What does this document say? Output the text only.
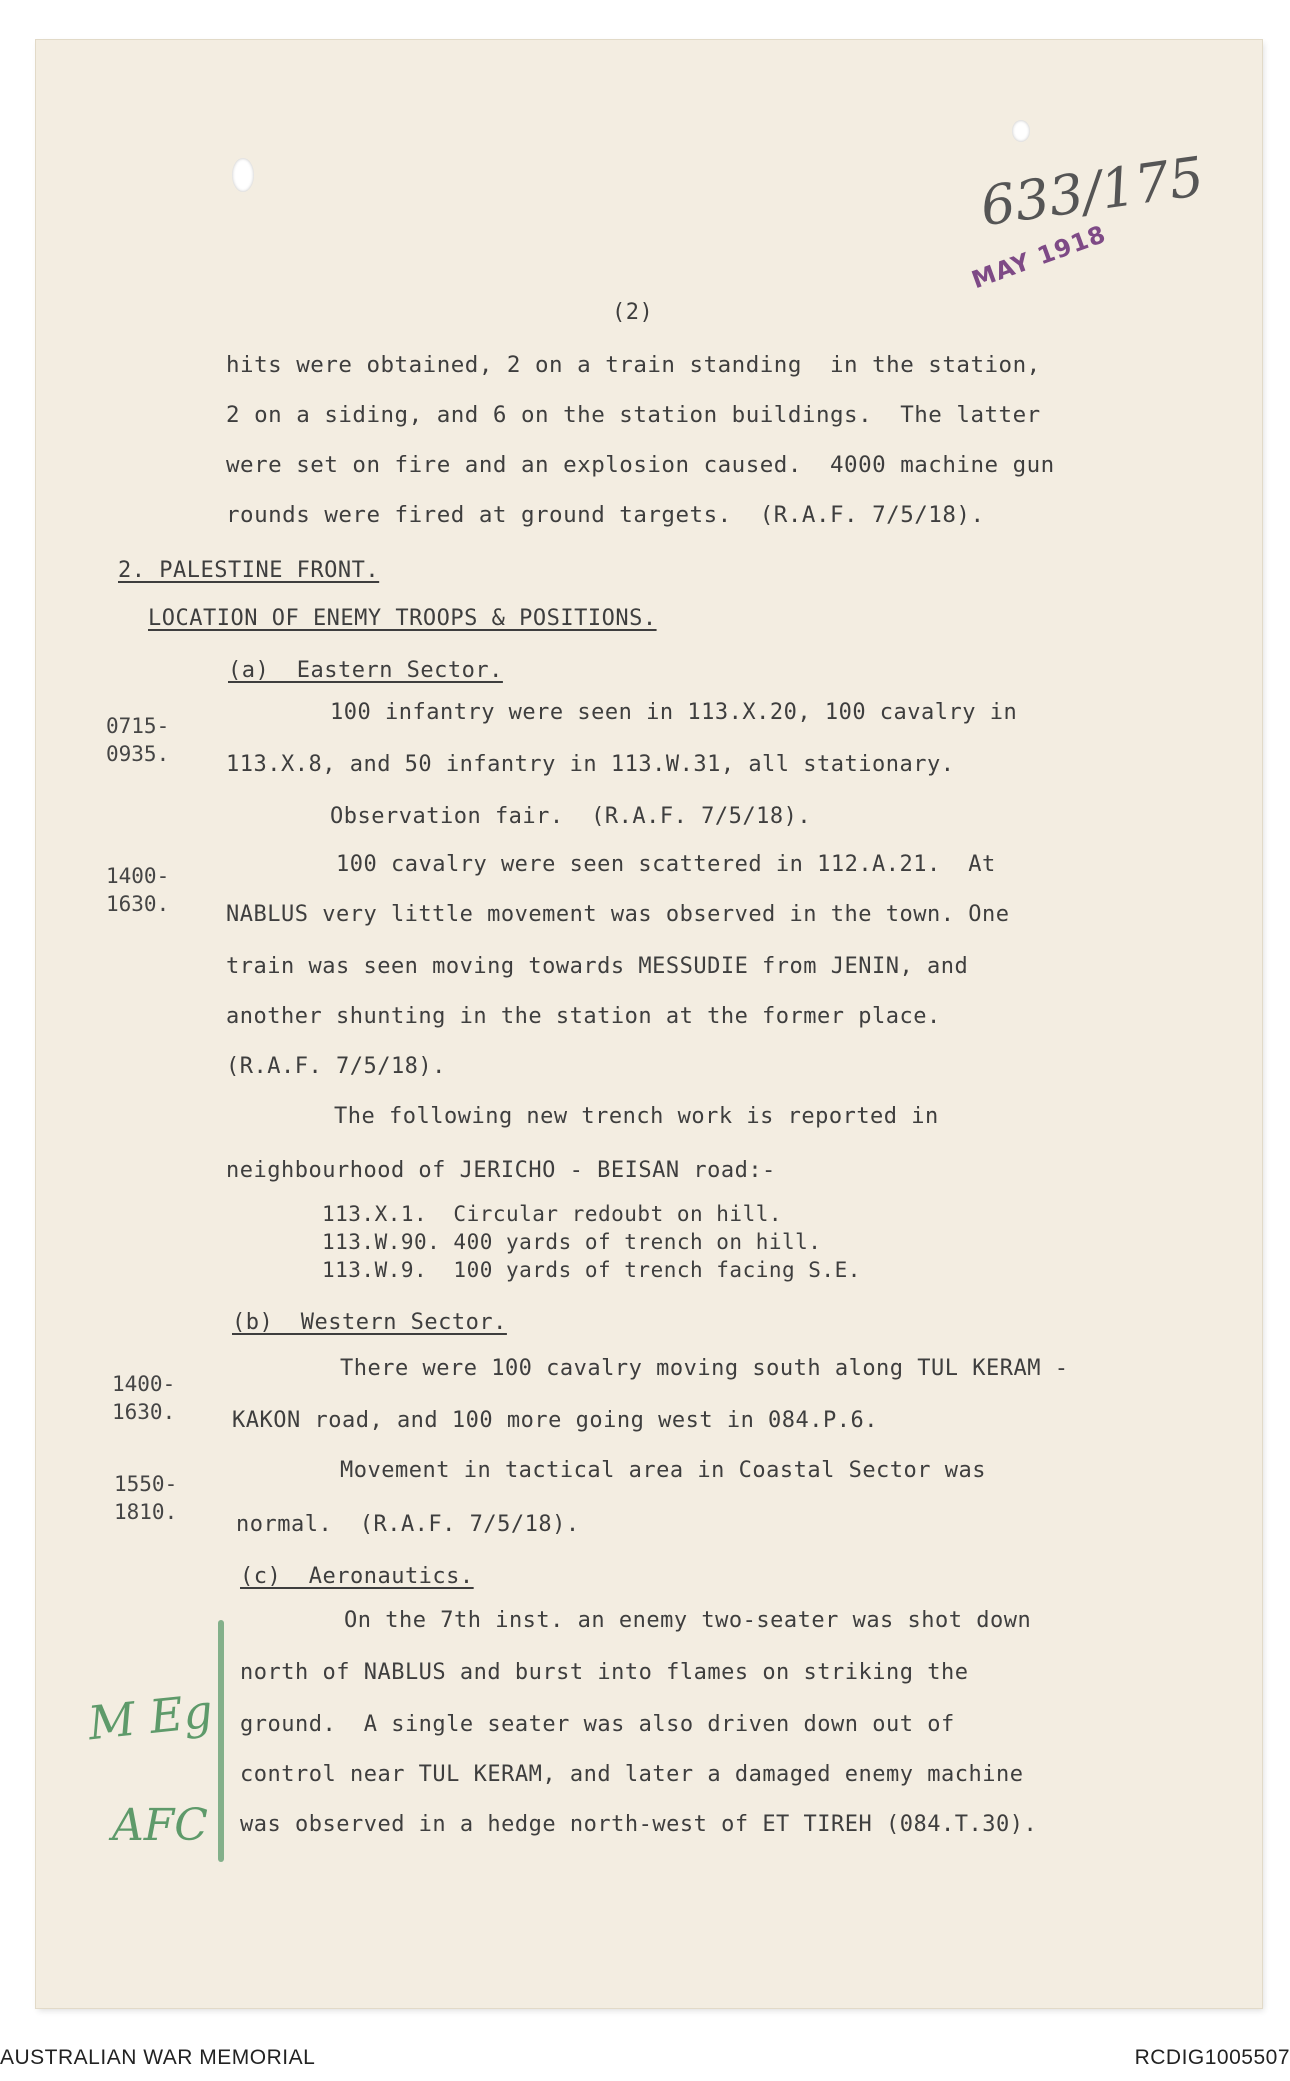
633/175
MAY 1918
(2)
hits were obtained, 2 on a train standing  in the station,
2 on a siding, and 6 on the station buildings.  The latter
were set on fire and an explosion caused.  4000 machine gun
rounds were fired at ground targets.  (R.A.F. 7/5/18).
2. PALESTINE FRONT.
LOCATION OF ENEMY TROOPS & POSITIONS.
(a)  Eastern Sector.
0715-
0935.
100 infantry were seen in 113.X.20, 100 cavalry in
113.X.8, and 50 infantry in 113.W.31, all stationary.
Observation fair.  (R.A.F. 7/5/18).
1400-
1630.
100 cavalry were seen scattered in 112.A.21.  At
NABLUS very little movement was observed in the town. One
train was seen moving towards MESSUDIE from JENIN, and
another shunting in the station at the former place.
(R.A.F. 7/5/18).
The following new trench work is reported in
neighbourhood of JERICHO - BEISAN road:-
113.X.1.  Circular redoubt on hill.
113.W.90. 400 yards of trench on hill.
113.W.9.  100 yards of trench facing S.E.
(b)  Western Sector.
1400-
1630.
There were 100 cavalry moving south along TUL KERAM -
KAKON road, and 100 more going west in 084.P.6.
1550-
1810.
Movement in tactical area in Coastal Sector was
normal.  (R.A.F. 7/5/18).
(c)  Aeronautics.
On the 7th inst. an enemy two-seater was shot down
north of NABLUS and burst into flames on striking the
ground.  A single seater was also driven down out of
control near TUL KERAM, and later a damaged enemy machine
was observed in a hedge north-west of ET TIREH (084.T.30).
M Eg
AFC
AUSTRALIAN WAR MEMORIAL	RCDIG1005507
